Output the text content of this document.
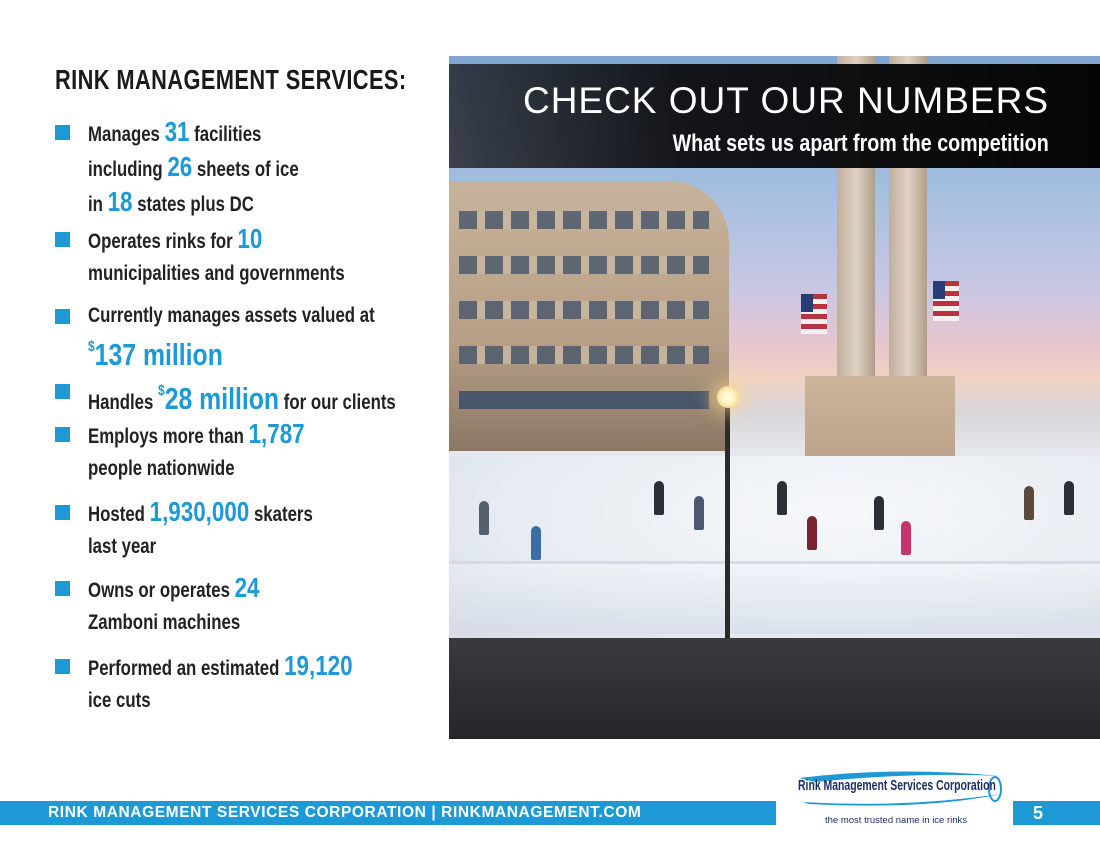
RINK MANAGEMENT SERVICES:
Manages 31 facilities
including 26 sheets of ice
in 18 states plus DC
Operates rinks for 10
municipalities and governments
Currently manages assets valued at
$137 million
Handles $28 million for our clients
Employs more than 1,787
people nationwide
Hosted 1,930,000 skaters
last year
Owns or operates 24
Zamboni machines
Performed an estimated 19,120
ice cuts
CHECK OUT OUR NUMBERS
What sets us apart from the competition
RINK MANAGEMENT SERVICES CORPORATION | RINKMANAGEMENT.COM
Rink Management Services Corporation
the most trusted name in ice rinks	5
